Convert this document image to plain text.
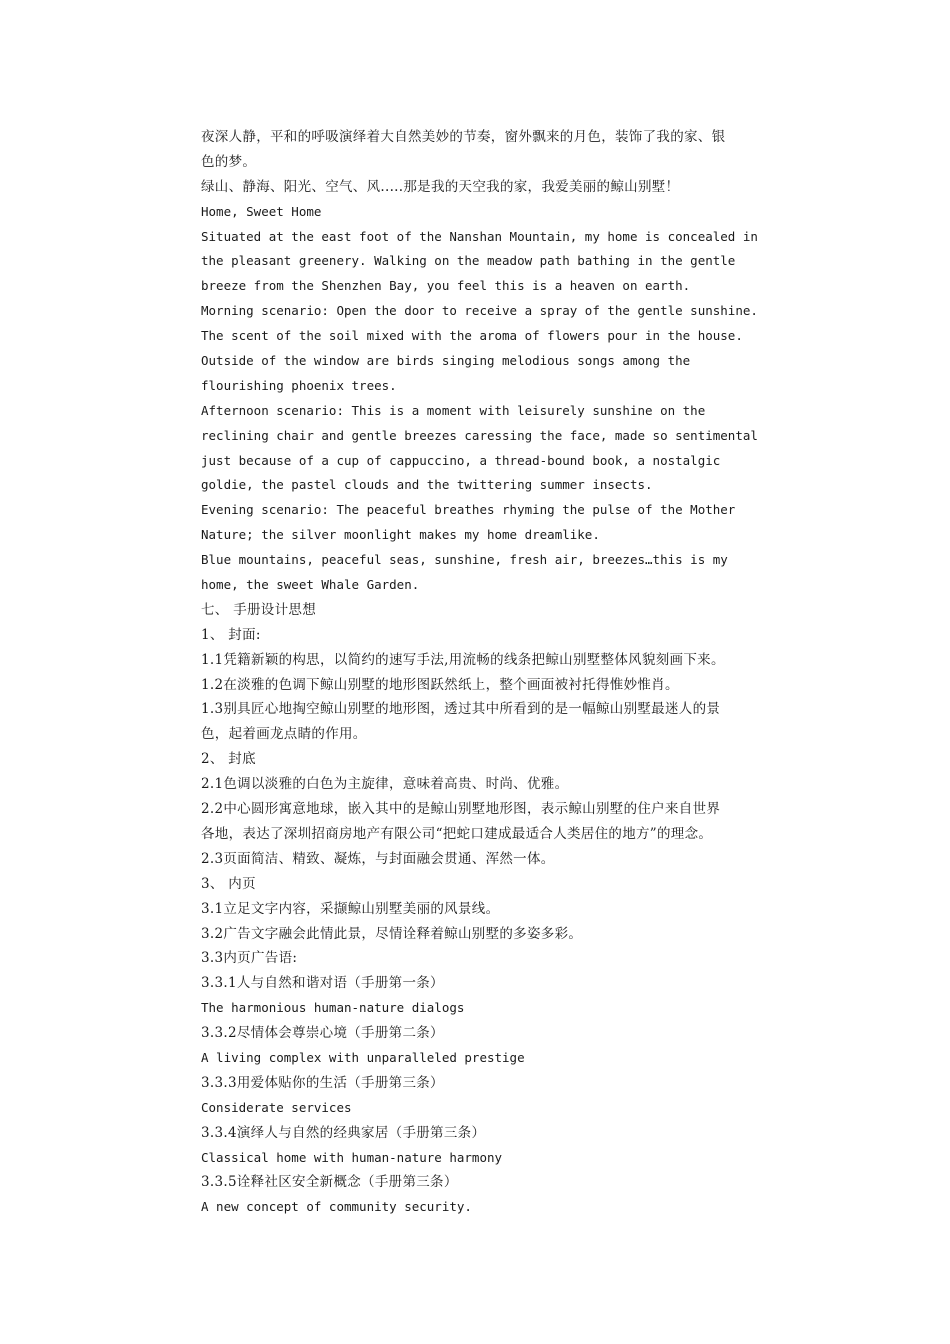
夜深人静，平和的呼吸演绎着大自然美妙的节奏，窗外飘来的月色，装饰了我的家、银
色的梦。
绿山、静海、阳光、空气、风.....那是我的天空我的家，我爱美丽的鲸山别墅！
Home, Sweet Home
Situated at the east foot of the Nanshan Mountain, my home is concealed in
the pleasant greenery. Walking on the meadow path bathing in the gentle
breeze from the Shenzhen Bay, you feel this is a heaven on earth.
Morning scenario: Open the door to receive a spray of the gentle sunshine.
The scent of the soil mixed with the aroma of flowers pour in the house.
Outside of the window are birds singing melodious songs among the
flourishing phoenix trees.
Afternoon scenario: This is a moment with leisurely sunshine on the
reclining chair and gentle breezes caressing the face, made so sentimental
just because of a cup of cappuccino, a thread-bound book, a nostalgic
goldie, the pastel clouds and the twittering summer insects.
Evening scenario: The peaceful breathes rhyming the pulse of the Mother
Nature; the silver moonlight makes my home dreamlike.
Blue mountains, peaceful seas, sunshine, fresh air, breezes…this is my
home, the sweet Whale Garden.
七、 手册设计思想
1、 封面:
1.1凭籍新颖的构思，以简约的速写手法,用流畅的线条把鲸山别墅整体风貌刻画下来。
1.2在淡雅的色调下鲸山别墅的地形图跃然纸上，整个画面被衬托得惟妙惟肖。
1.3别具匠心地掏空鲸山别墅的地形图，透过其中所看到的是一幅鲸山别墅最迷人的景
色，起着画龙点睛的作用。
2、 封底
2.1色调以淡雅的白色为主旋律，意味着高贵、时尚、优雅。
2.2中心圆形寓意地球，嵌入其中的是鲸山别墅地形图，表示鲸山别墅的住户来自世界
各地，表达了深圳招商房地产有限公司“把蛇口建成最适合人类居住的地方”的理念。
2.3页面简洁、精致、凝炼，与封面融会贯通、浑然一体。
3、 内页
3.1立足文字内容，采撷鲸山别墅美丽的风景线。
3.2广告文字融会此情此景，尽情诠释着鲸山别墅的多姿多彩。
3.3内页广告语:
3.3.1人与自然和谐对语（手册第一条）
The harmonious human-nature dialogs
3.3.2尽情体会尊崇心境（手册第二条）
A living complex with unparalleled prestige
3.3.3用爱体贴你的生活（手册第三条）
Considerate services
3.3.4演绎人与自然的经典家居（手册第三条）
Classical home with human-nature harmony
3.3.5诠释社区安全新概念（手册第三条）
A new concept of community security.
